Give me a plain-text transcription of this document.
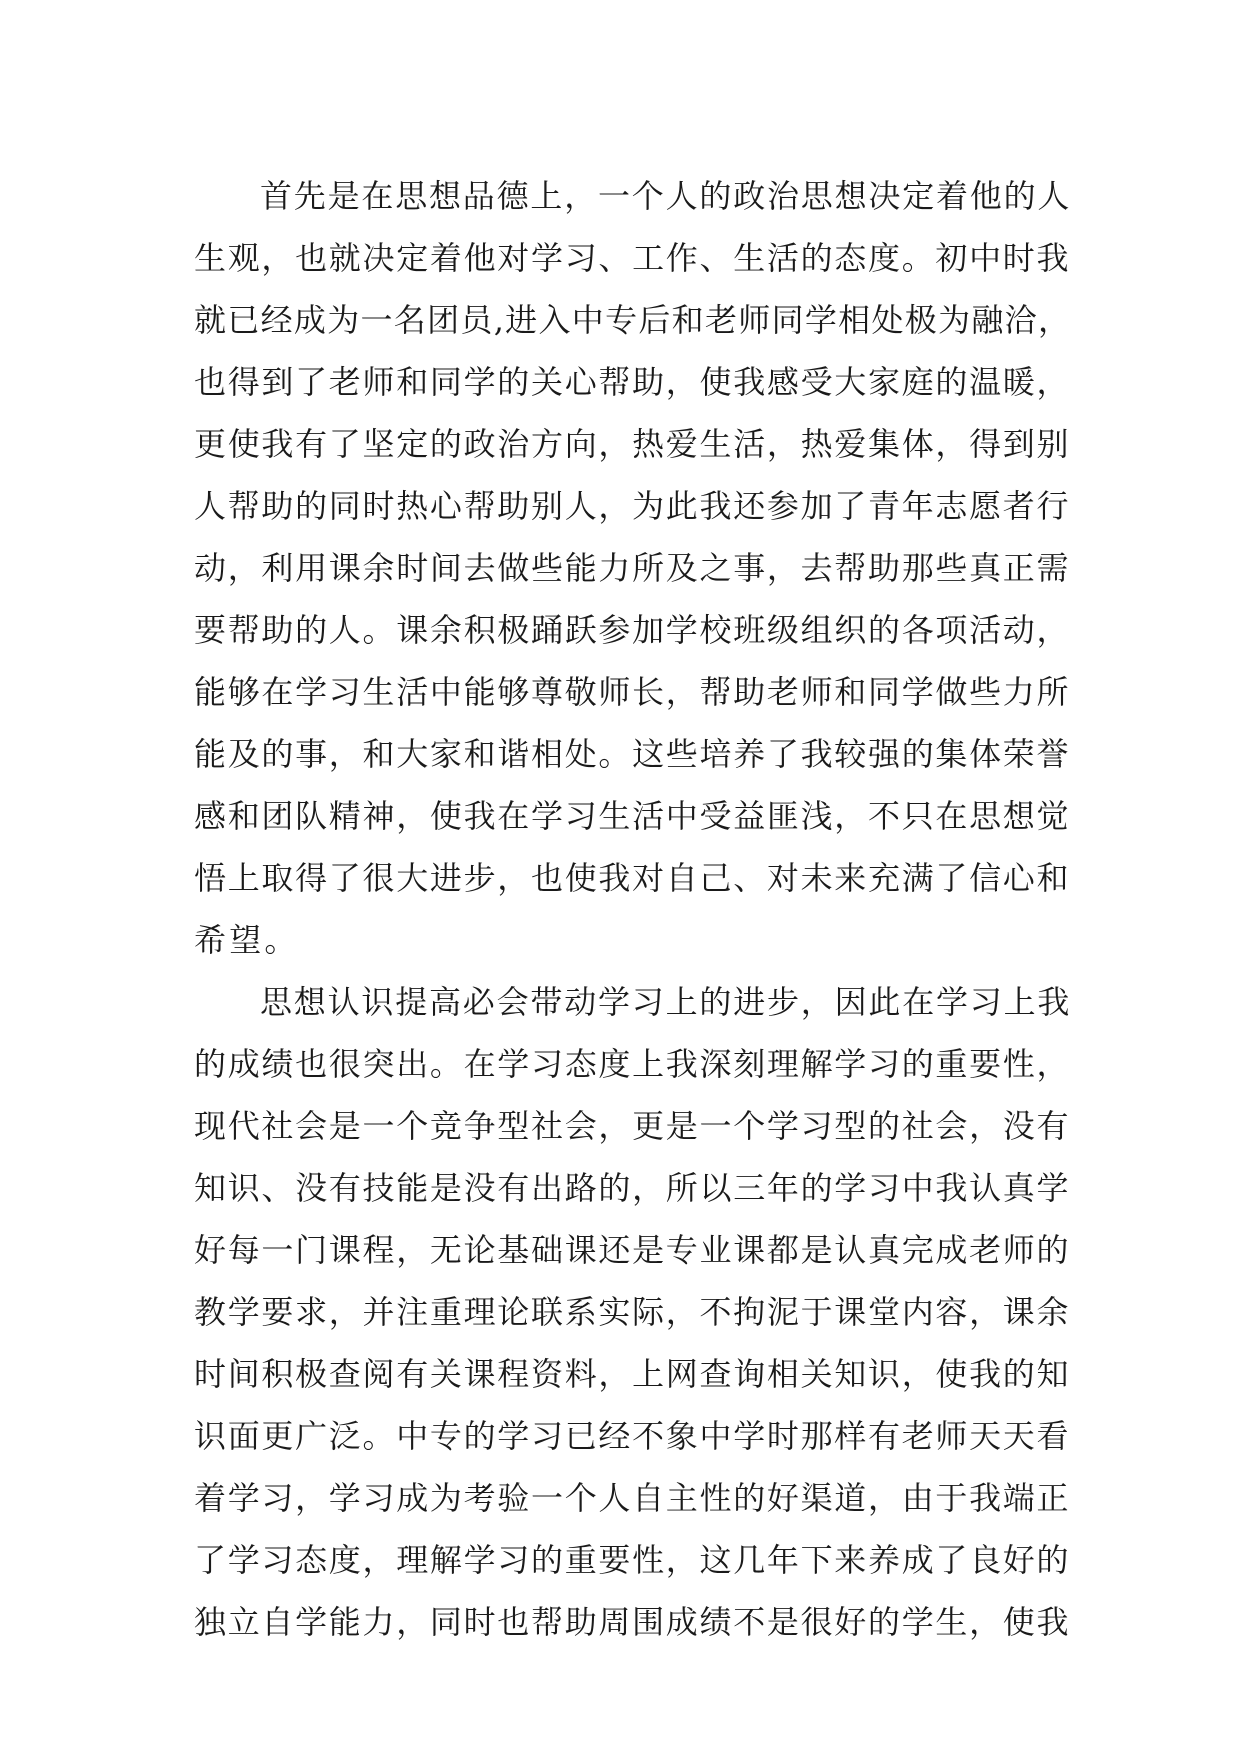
首先是在思想品德上，一个人的政治思想决定着他的人
生观，也就决定着他对学习、工作、生活的态度。初中时我
就已经成为一名团员,进入中专后和老师同学相处极为融洽，
也得到了老师和同学的关心帮助，使我感受大家庭的温暖，
更使我有了坚定的政治方向，热爱生活，热爱集体，得到别
人帮助的同时热心帮助别人，为此我还参加了青年志愿者行
动，利用课余时间去做些能力所及之事，去帮助那些真正需
要帮助的人。课余积极踊跃参加学校班级组织的各项活动，
能够在学习生活中能够尊敬师长，帮助老师和同学做些力所
能及的事，和大家和谐相处。这些培养了我较强的集体荣誉
感和团队精神，使我在学习生活中受益匪浅，不只在思想觉
悟上取得了很大进步，也使我对自己、对未来充满了信心和
希望。
思想认识提高必会带动学习上的进步，因此在学习上我
的成绩也很突出。在学习态度上我深刻理解学习的重要性，
现代社会是一个竞争型社会，更是一个学习型的社会，没有
知识、没有技能是没有出路的，所以三年的学习中我认真学
好每一门课程，无论基础课还是专业课都是认真完成老师的
教学要求，并注重理论联系实际，不拘泥于课堂内容，课余
时间积极查阅有关课程资料，上网查询相关知识，使我的知
识面更广泛。中专的学习已经不象中学时那样有老师天天看
着学习，学习成为考验一个人自主性的好渠道，由于我端正
了学习态度，理解学习的重要性，这几年下来养成了良好的
独立自学能力，同时也帮助周围成绩不是很好的学生，使我
